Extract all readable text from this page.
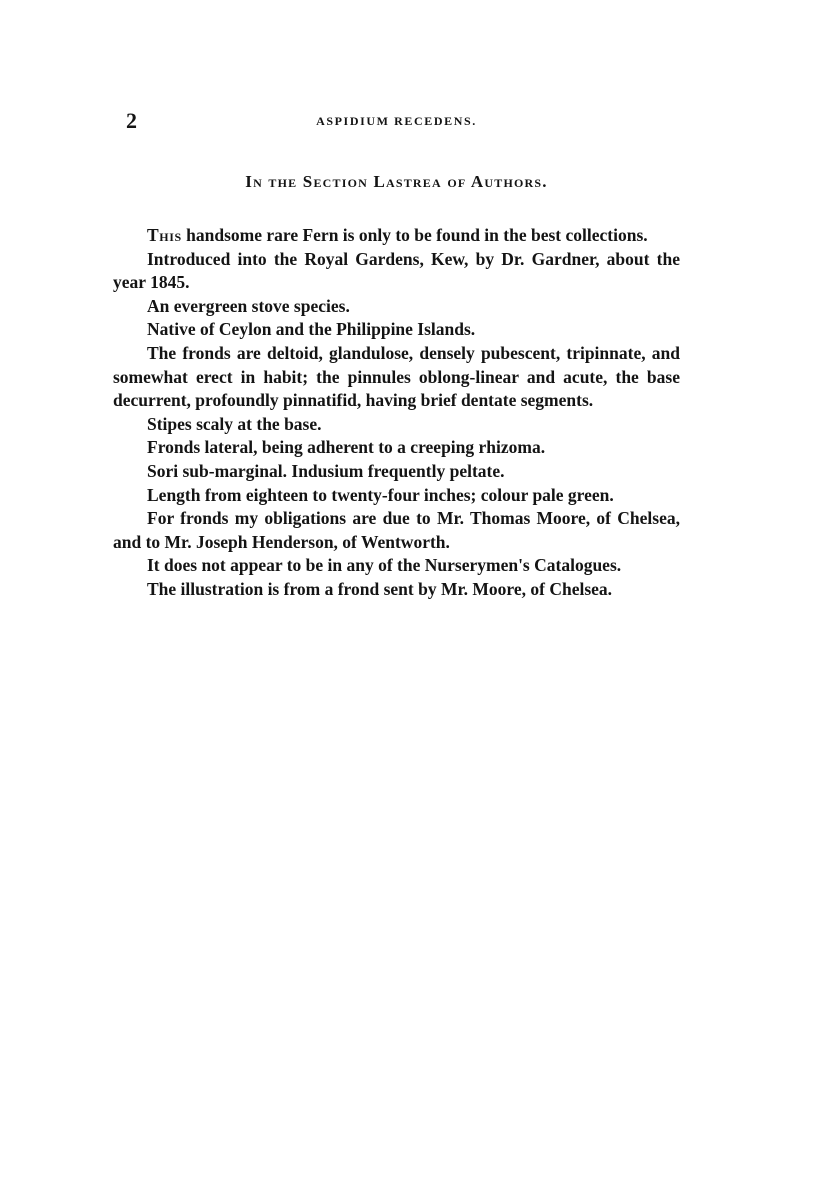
2	ASPIDIUM RECEDENS.
In the Section Lastrea of Authors.

This handsome rare Fern is only to be found in the best collections.

Introduced into the Royal Gardens, Kew, by Dr. Gardner, about the year 1845.

An evergreen stove species.

Native of Ceylon and the Philippine Islands.

The fronds are deltoid, glandulose, densely pubescent, tripinnate, and somewhat erect in habit; the pinnules oblong-linear and acute, the base decurrent, profoundly pinnatifid, having brief dentate segments.

Stipes scaly at the base.

Fronds lateral, being adherent to a creeping rhizoma.

Sori sub-marginal. Indusium frequently peltate.

Length from eighteen to twenty-four inches; colour pale green.

For fronds my obligations are due to Mr. Thomas Moore, of Chelsea, and to Mr. Joseph Henderson, of Wentworth.

It does not appear to be in any of the Nurserymen's Catalogues.

The illustration is from a frond sent by Mr. Moore, of Chelsea.
